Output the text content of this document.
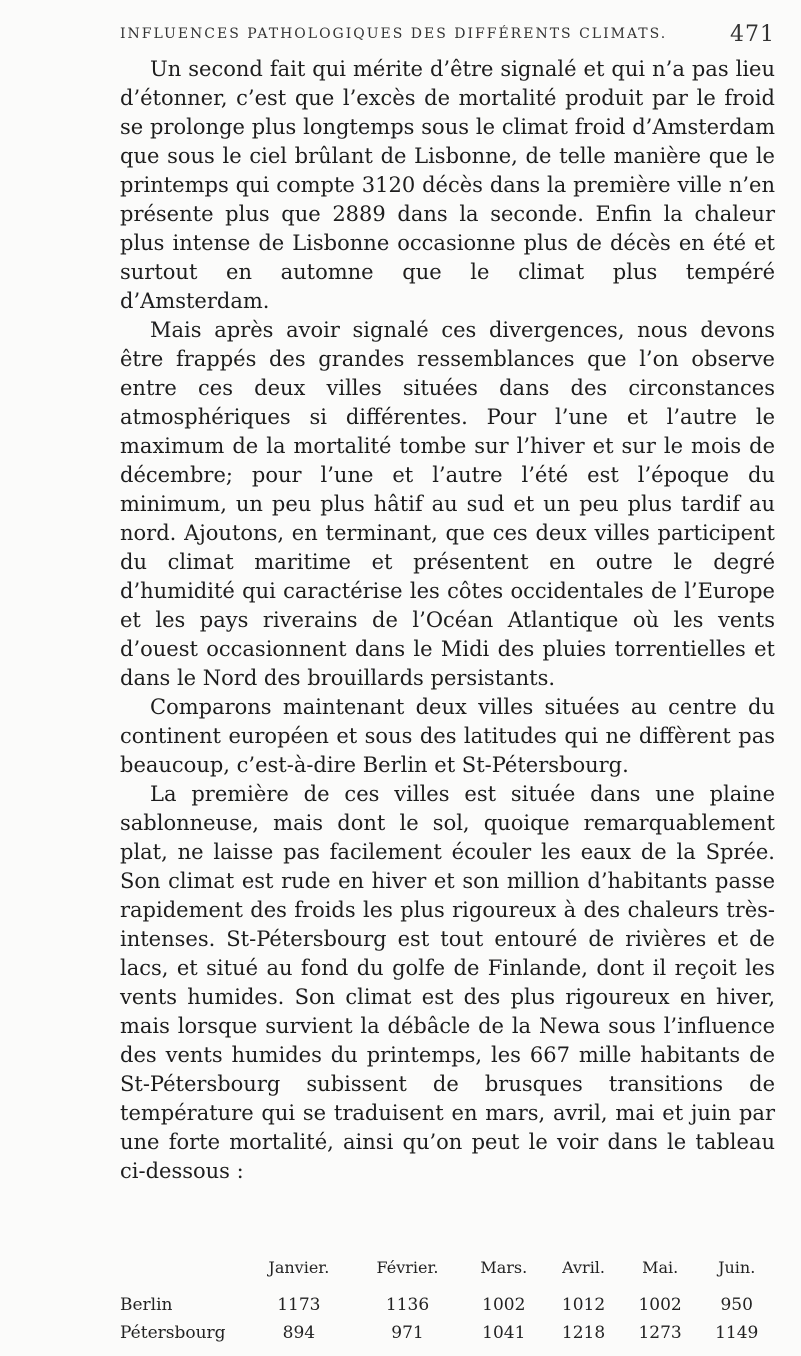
INFLUENCES PATHOLOGIQUES DES DIFFÉRENTS CLIMATS.	471

Un second fait qui mérite d’être signalé et qui n’a pas lieu d’étonner, c’est que l’excès de mortalité produit par le froid se prolonge plus longtemps sous le climat froid d’Amsterdam que sous le ciel brûlant de Lisbonne, de telle manière que le printemps qui compte 3120 décès dans la première ville n’en présente plus que 2889 dans la seconde. Enfin la chaleur plus intense de Lisbonne occasionne plus de décès en été et surtout en automne que le climat plus tempéré d’Amsterdam.

Mais après avoir signalé ces divergences, nous devons être frappés des grandes ressemblances que l’on observe entre ces deux villes situées dans des circonstances atmosphériques si différentes. Pour l’une et l’autre le maximum de la mortalité tombe sur l’hiver et sur le mois de décembre; pour l’une et l’autre l’été est l’époque du minimum, un peu plus hâtif au sud et un peu plus tardif au nord. Ajoutons, en terminant, que ces deux villes participent du climat maritime et présentent en outre le degré d’humidité qui caractérise les côtes occidentales de l’Europe et les pays riverains de l’Océan Atlantique où les vents d’ouest occasionnent dans le Midi des pluies torrentielles et dans le Nord des brouillards persistants.

Comparons maintenant deux villes situées au centre du continent européen et sous des latitudes qui ne diffèrent pas beaucoup, c’est-à-dire Berlin et St-Pétersbourg.

La première de ces villes est située dans une plaine sablonneuse, mais dont le sol, quoique remarquablement plat, ne laisse pas facilement écouler les eaux de la Sprée. Son climat est rude en hiver et son million d’habitants passe rapidement des froids les plus rigoureux à des chaleurs très-intenses. St-Pétersbourg est tout entouré de rivières et de lacs, et situé au fond du golfe de Finlande, dont il reçoit les vents humides. Son climat est des plus rigoureux en hiver, mais lorsque survient la débâcle de la Newa sous l’influence des vents humides du printemps, les 667 mille habitants de St-Pétersbourg subissent de brusques transitions de température qui se traduisent en mars, avril, mai et juin par une forte mortalité, ainsi qu’on peut le voir dans le tableau ci-dessous :

	Janvier.	Février.	Mars.	Avril.	Mai.	Juin.
Berlin	1173	1136	1002	1012	1002	950
Pétersbourg	894	971	1041	1218	1273	1149
